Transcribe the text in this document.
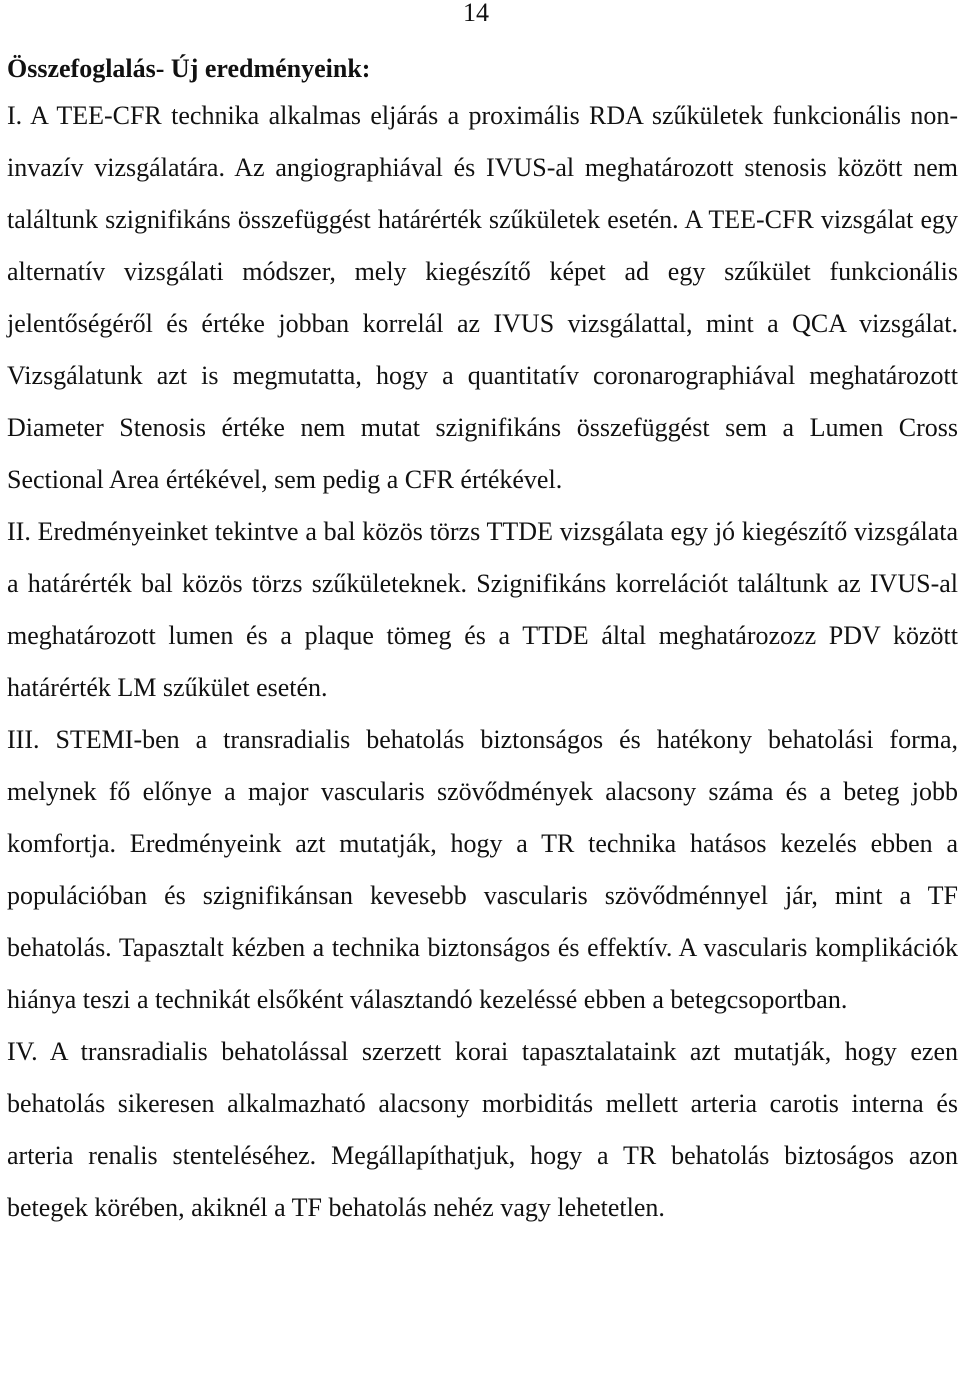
14
Összefoglalás- Új eredményeink:

I. A TEE-CFR technika alkalmas eljárás a proximális RDA szűkületek funkcionális non-invazív vizsgálatára. Az angiographiával és IVUS-al meghatározott stenosis között nem találtunk szignifikáns összefüggést határérték szűkületek esetén. A TEE-CFR vizsgálat egy alternatív vizsgálati módszer, mely kiegészítő képet ad egy szűkület funkcionális jelentőségéről és értéke jobban korrelál az IVUS vizsgálattal, mint a QCA vizsgálat. Vizsgálatunk azt is megmutatta, hogy a quantitatív coronarographiával meghatározott Diameter Stenosis értéke nem mutat szignifikáns összefüggést sem a Lumen Cross Sectional Area értékével, sem pedig a CFR értékével.

II. Eredményeinket tekintve a bal közös törzs TTDE vizsgálata egy jó kiegészítő vizsgálata a határérték bal közös törzs szűkületeknek. Szignifikáns korrelációt találtunk az IVUS-al meghatározott lumen és a plaque tömeg és a TTDE által meghatározozz PDV között határérték LM szűkület esetén.

III. STEMI-ben a transradialis behatolás biztonságos és hatékony behatolási forma, melynek fő előnye a major vascularis szövődmények alacsony száma és a beteg jobb komfortja. Eredményeink azt mutatják, hogy a TR technika hatásos kezelés ebben a populációban és szignifikánsan kevesebb vascularis szövődménnyel jár, mint a TF behatolás. Tapasztalt kézben a technika biztonságos és effektív. A vascularis komplikációk hiánya teszi a technikát elsőként választandó kezeléssé ebben a betegcsoportban.

IV. A transradialis behatolással szerzett korai tapasztalataink azt mutatják, hogy ezen behatolás sikeresen alkalmazható alacsony morbiditás mellett arteria carotis interna és arteria renalis stenteléséhez. Megállapíthatjuk, hogy a TR behatolás biztoságos azon betegek körében, akiknél a TF behatolás nehéz vagy lehetetlen.
